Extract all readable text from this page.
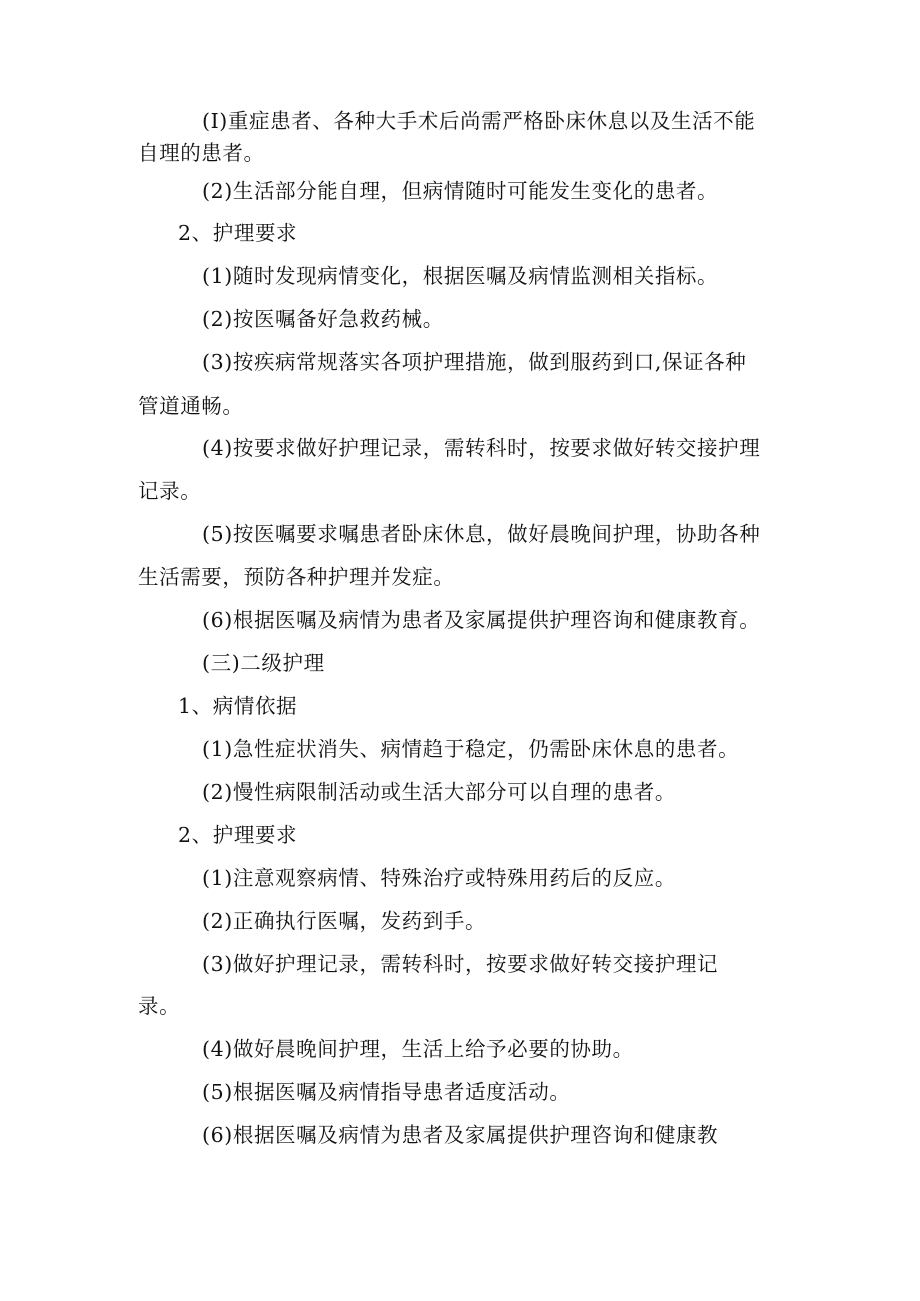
(I)重症患者、各种大手术后尚需严格卧床休息以及生活不能
自理的患者。
(2)生活部分能自理，但病情随时可能发生变化的患者。
2、护理要求
(1)随时发现病情变化，根据医嘱及病情监测相关指标。
(2)按医嘱备好急救药械。
(3)按疾病常规落实各项护理措施，做到服药到口,保证各种
管道通畅。
(4)按要求做好护理记录，需转科时，按要求做好转交接护理
记录。
(5)按医嘱要求嘱患者卧床休息，做好晨晚间护理，协助各种
生活需要，预防各种护理并发症。
(6)根据医嘱及病情为患者及家属提供护理咨询和健康教育。
(三)二级护理
1、病情依据
(1)急性症状消失、病情趋于稳定，仍需卧床休息的患者。
(2)慢性病限制活动或生活大部分可以自理的患者。
2、护理要求
(1)注意观察病情、特殊治疗或特殊用药后的反应。
(2)正确执行医嘱，发药到手。
(3)做好护理记录，需转科时，按要求做好转交接护理记
录。
(4)做好晨晚间护理，生活上给予必要的协助。
(5)根据医嘱及病情指导患者适度活动。
(6)根据医嘱及病情为患者及家属提供护理咨询和健康教
